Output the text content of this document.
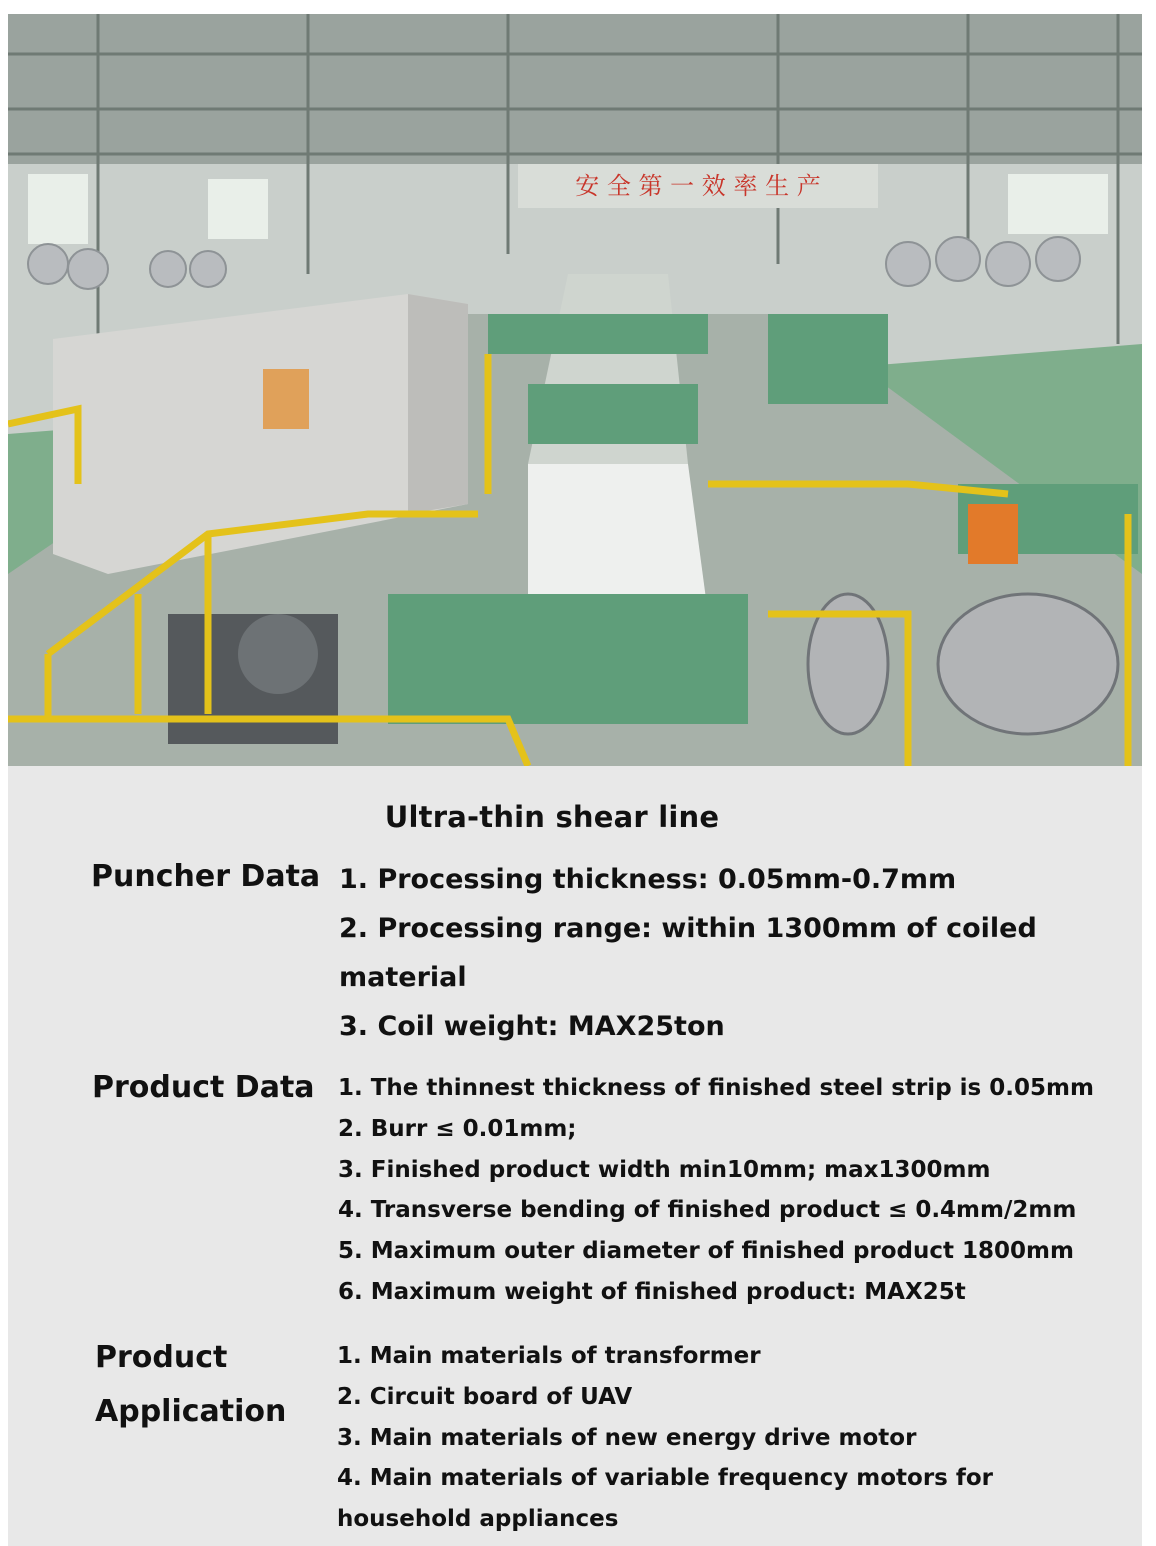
安 全 第 一 效 率 生 产
Ultra-thin shear line
Puncher Data 1. Processing thickness: 0.05mm-0.7mm
2. Processing range: within 1300mm of coiled
material
3. Coil weight: MAX25ton
Product Data 1. The thinnest thickness of finished steel strip is 0.05mm
2. Burr ≤ 0.01mm;
3. Finished product width min10mm; max1300mm
4. Transverse bending of finished product ≤ 0.4mm/2mm
5. Maximum outer diameter of finished product 1800mm
6. Maximum weight of finished product: MAX25t
Product
Application
1. Main materials of transformer
2. Circuit board of UAV
3. Main materials of new energy drive motor
4. Main materials of variable frequency motors for
household appliances
